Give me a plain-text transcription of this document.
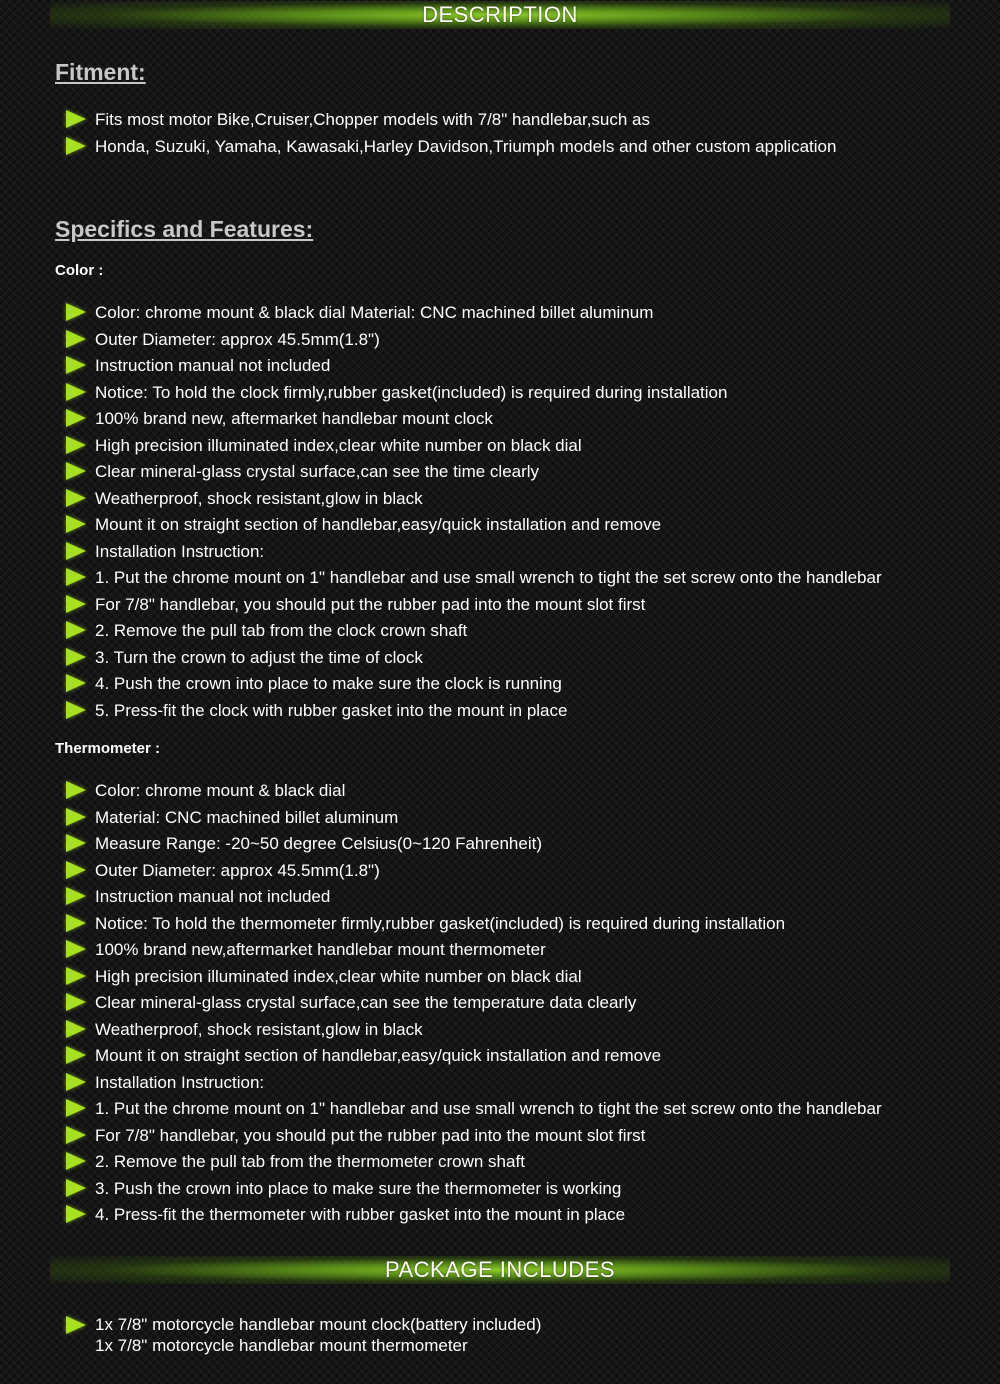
DESCRIPTION
Fitment:
Fits most motor Bike,Cruiser,Chopper models with 7/8" handlebar,such as
Honda, Suzuki, Yamaha, Kawasaki,Harley Davidson,Triumph models and other custom application
Specifics and Features:

Color :

Color: chrome mount & black dial Material: CNC machined billet aluminum
Outer Diameter: approx 45.5mm(1.8")
Instruction manual not included
Notice: To hold the clock firmly,rubber gasket(included) is required during installation
100% brand new, aftermarket handlebar mount clock
High precision illuminated index,clear white number on black dial
Clear mineral-glass crystal surface,can see the time clearly
Weatherproof, shock resistant,glow in black
Mount it on straight section of handlebar,easy/quick installation and remove
Installation Instruction:
1. Put the chrome mount on 1" handlebar and use small wrench to tight the set screw onto the handlebar
For 7/8" handlebar, you should put the rubber pad into the mount slot first
2. Remove the pull tab from the clock crown shaft
3. Turn the crown to adjust the time of clock
4. Push the crown into place to make sure the clock is running
5. Press-fit the clock with rubber gasket into the mount in place

Thermometer :

Color: chrome mount & black dial
Material: CNC machined billet aluminum
Measure Range: -20~50 degree Celsius(0~120 Fahrenheit)
Outer Diameter: approx 45.5mm(1.8")
Instruction manual not included
Notice: To hold the thermometer firmly,rubber gasket(included) is required during installation
100% brand new,aftermarket handlebar mount thermometer
High precision illuminated index,clear white number on black dial
Clear mineral-glass crystal surface,can see the temperature data clearly
Weatherproof, shock resistant,glow in black
Mount it on straight section of handlebar,easy/quick installation and remove
Installation Instruction:
1. Put the chrome mount on 1" handlebar and use small wrench to tight the set screw onto the handlebar
For 7/8" handlebar, you should put the rubber pad into the mount slot first
2. Remove the pull tab from the thermometer crown shaft
3. Push the crown into place to make sure the thermometer is working
4. Press-fit the thermometer with rubber gasket into the mount in place
PACKAGE INCLUDES
1x 7/8" motorcycle handlebar mount clock(battery included)
1x 7/8" motorcycle handlebar mount thermometer
